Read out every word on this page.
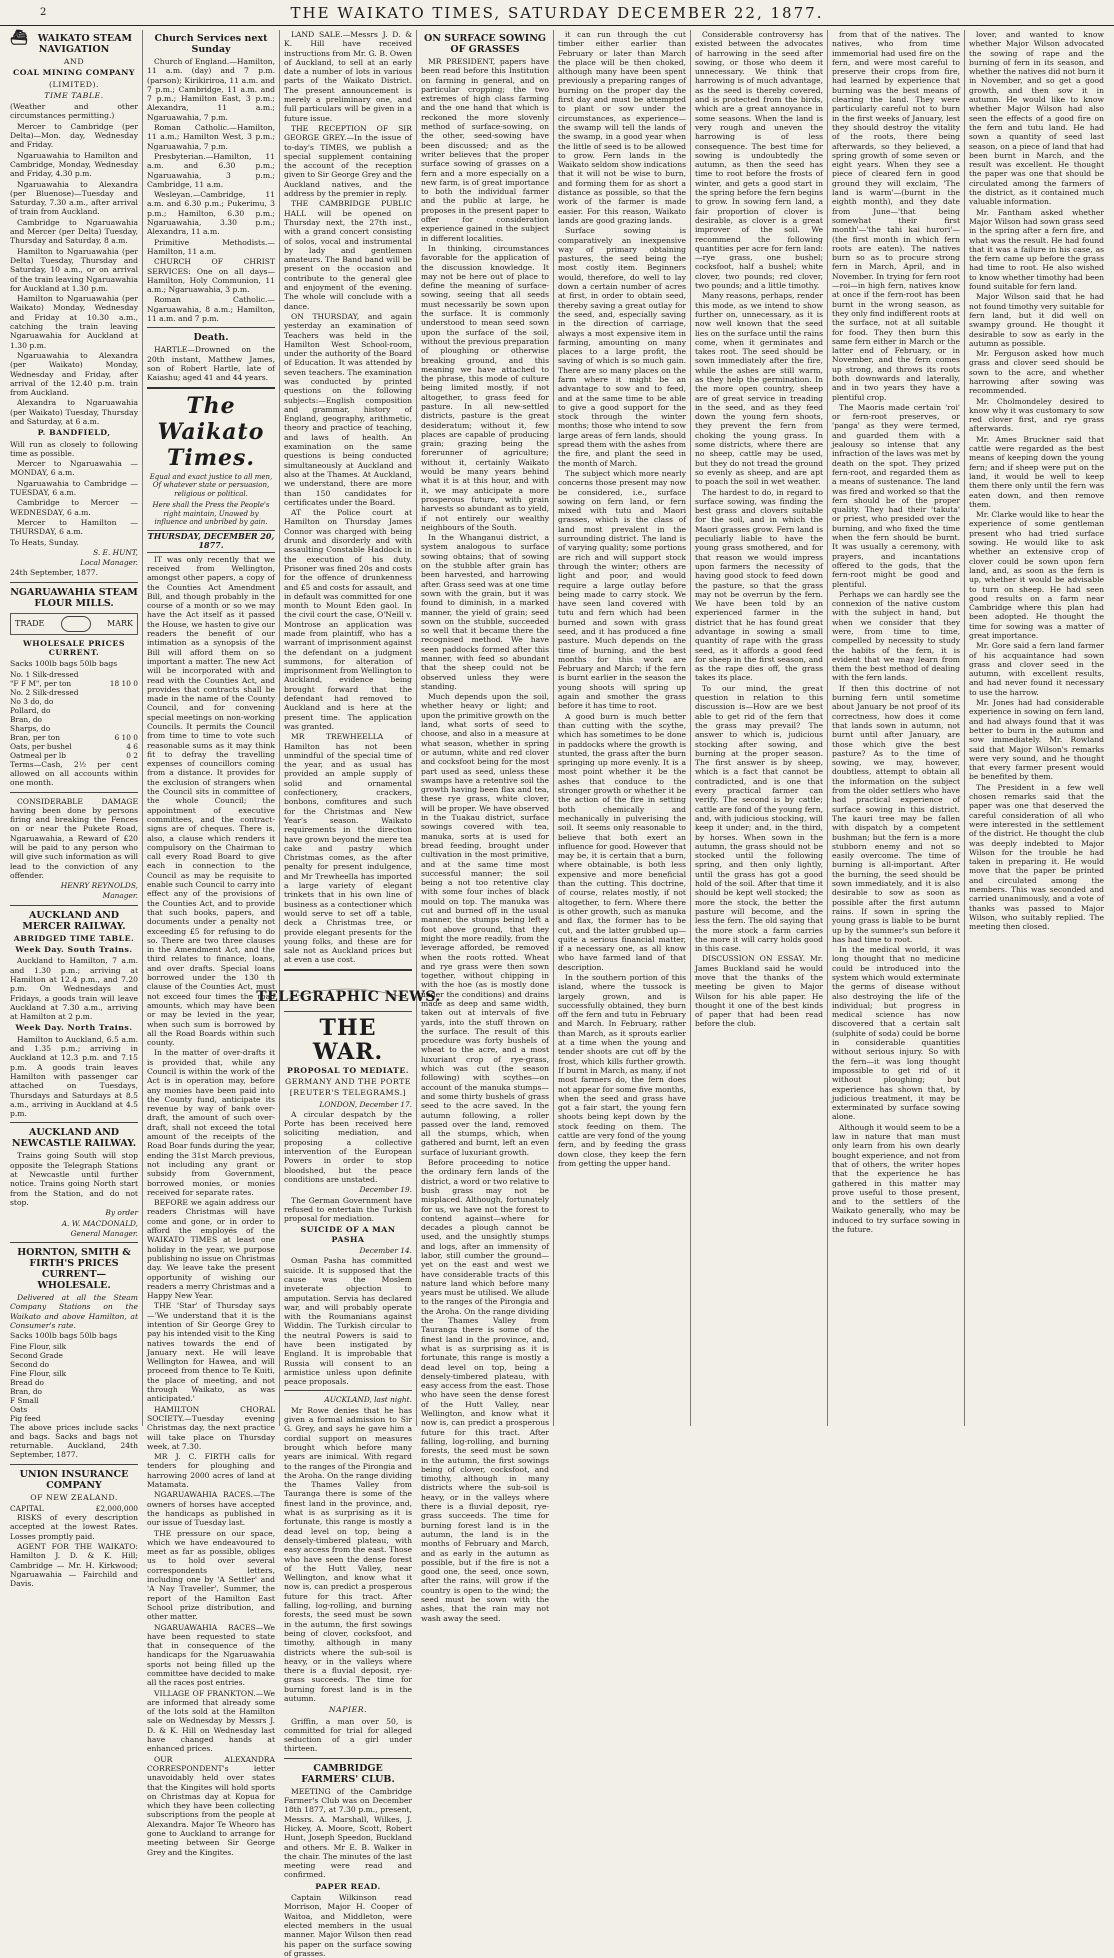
2	THE WAIKATO TIMES, SATURDAY DECEMBER 22, 1877.
⛴ WAIKATO STEAM NAVIGATION
AND
COAL MINING COMPANY
(LIMITED).
TIME TABLE.

(Weather and other circumstances permitting.)

Mercer to Cambridge (per Delta)—Mon. day, Wednesday and Friday.

Ngaruawahia to Hamilton and Cambridge, Monday, Wednesday and Friday, 4.30 p.m.

Ngaruawahia to Alexandra (per Bluenose)—Tuesday and Saturday, 7.30 a.m., after arrival of train from Auckland.

Cambridge to Ngaruawahia and Mercer (per Delta) Tuesday, Thursday and Saturday, 8 a.m.

Hamilton to Ngaruawahia (per Delta) Tuesday, Thursday and Saturday, 10 a.m., or on arrival of the train leaving Ngaruawahia for Auckland at 1.30 p.m.

Hamilton to Ngaruawahia (per Waikato) Monday, Wednesday and Friday at 10.30 a.m., catching the train leaving Ngaruawahia for Auckland at 1.30 p.m.

Ngaruawahia to Alexandra (per Waikato) Monday, Wednesday and Friday, after arrival of the 12.40 p.m. train from Auckland.

Alexandra to Ngaruawahia (per Waikato) Tuesday, Thursday and Saturday, at 6 a.m.

P. BANDFIELD,

Will run as closely to following time as possible.

Mercer to Ngaruawahia — MONDAY, 6 a.m.

Ngaruawahia to Cambridge — TUESDAY, 6 a.m.

Cambridge to Mercer — WEDNESDAY, 6 a.m.

Mercer to Hamilton — THURSDAY, 6 a.m.

To Heats, Sunday.

S. E. HUNT,
Local Manager.

24th September, 1877.

NGARUAWAHIA STEAM FLOUR MILLS.
TRADE	MARK
WHOLESALE PRICES CURRENT.

Sacks 100lb bags 50lb bags

No. 1 Silk-dressed
"F F M", per ton	18 10 0
No. 2 Silk-dressed
No 3 do, do
Pollard, do
Bran, do
Sharps, do
Bran, per ton	6 10 0
Oats, per bushel	4 6
Oatmeal per lb	0 2

Terms—Cash, 2½ per cent allowed on all accounts within one month.

CONSIDERABLE DAMAGE having been done by persons firing and breaking the Fences on or near the Pukete Road, Ngaruawahia, a Reward of £20 will be paid to any person who will give such information as will lead to the conviction of any offender.

HENRY REYNOLDS,
Manager.
AUCKLAND AND MERCER RAILWAY.
ABRIDGED TIME TABLE.
Week Day. South Trains.

Auckland to Hamilton, 7 a.m. and 1.30 p.m.; arriving at Hamilton at 12.4 p.m., and 7.20 p.m. On Wednesdays and Fridays, a goods train will leave Auckland at 7.30 a.m., arriving at Hamilton at 2 p.m.

Week Day. North Trains.

Hamilton to Auckland, 6.5 a.m. and 1.35 p.m.; arriving in Auckland at 12.3 p.m. and 7.15 p.m. A goods train leaves Hamilton with passenger car attached on Tuesdays, Thursdays and Saturdays at 8.5 a.m., arriving in Auckland at 4.5 p.m.

AUCKLAND AND NEWCASTLE RAILWAY.

Trains going South will stop opposite the Telegraph Stations at Newcastle until further notice. Trains going North start from the Station, and do not stop.

By order
A. W. MACDONALD,
General Manager.
HORNTON, SMITH & FIRTH'S PRICES CURRENT—WHOLESALE.

Delivered at all the Steam Company Stations on the Waikato and above Hamilton, at Consumer's rate.

Sacks 100lb bags 50lb bags

Fine Flour, silk
Second Grade
Second do
Fine Flour, silk
Bread do
Bran, do
F Small
Oats
Pig feed

The above prices include sacks and bags. Sacks and bags not returnable. Auckland, 24th September, 1877.

UNION INSURANCE COMPANY
OF NEW ZEALAND.
CAPITAL	£2,000,000

RISKS of every description accepted at the lowest Rates. Losses promptly paid.

AGENT FOR THE WAIKATO: Hamilton J. D. & K. Hill; Cambridge — Mr. H. Kirkwood; Ngaruawahia — Fairchild and Davis.

Church Services next Sunday

Church of England.—Hamilton, 11 a.m. (day) and 7 p.m. (parson); Kirikiriroa, 11 a.m. and 7 p.m.; Cambridge, 11 a.m. and 7 p.m.; Hamilton East, 3 p.m.; Alexandra, 11 a.m.; Ngaruawahia, 7 p.m.

Roman Catholic.—Hamilton, 11 a.m.; Hamilton West, 3 p.m.; Ngaruawahia, 7 p.m.

Presbyterian.—Hamilton, 11 a.m. and 6.30 p.m.; Ngaruawahia, 3 p.m.; Cambridge, 11 a.m.

Wesleyan.—Cambridge, 11 a.m. and 6.30 p.m.; Pukerimu, 3 p.m.; Hamilton, 6.30 p.m.; Ngaruawahia, 3.30 p.m.; Alexandra, 11 a.m.

Primitive Methodists.—Hamilton, 11 a.m.

CHURCH OF CHRIST SERVICES: One on all days—Hamilton, Holy Communion, 11 a.m.; Ngaruawahia, 3 p.m.

Roman Catholic.—Ngaruawahia, 8 a.m.; Hamilton, 11 a.m. and 7 p.m.

Death.

HARTLE—Drowned on the 20th instant, Matthew James, son of Robert Hartle, late of Kaiashu; aged 41 and 44 years.

The Waikato Times.
Equal and exact justice to all men, Of whatever state or persuasion, religious or political.
Here shall the Press the People's right maintain, Unawed by influence and unbribed by gain.
THURSDAY, DECEMBER 20, 1877.

IT was only recently that we received from Wellington, amongst other papers, a copy of the Counties Act Amendment Bill, and though probably in the course of a month or so we may have the Act itself as it passed the House, we hasten to give our readers the benefit of our intimation as a synopsis of the Bill will afford them on so important a matter. The new Act will be incorporated with and read with the Counties Act, and provides that contracts shall be made in the name of the County Council, and for convening special meetings on non-working Councils. It permits the Council from time to time to vote such reasonable sums as it may think fit to defray the travelling expenses of councillors coming from a distance. It provides for the exclusion of strangers when the Council sits in committee of the whole Council; the appointment of executive committees, and the contract-signs are of cheques. There is, also, a clause which renders it compulsory on the Chairman to call every Road Board to give each in connection to the Council as may be requisite to enable such Council to carry into effect any of the provisions of the Counties Act, and to provide that such books, papers, and documents under a penalty not exceeding £5 for refusing to do so. There are two three clauses in the Amendment Act, and the third relates to finance, loans, and over drafts. Special loans borrowed under the 130 th clause of the Counties Act, must not exceed four times the road amounts, which may have been or may be levied in the year, when such sum is borrowed by all the Road Boards within such county.

In the matter of over-drafts it is provided that, while any Council is within the work of the Act is in operation may, before any monies have been paid into the County fund, anticipate its revenue by way of bank over-draft, the amount of such over-draft, shall not exceed the total amount of the receipts of the Road Boar funds during the year, ending the 31st March previous, not including any grant or subsidy from Government, borrowed monies, or monies received for separate rates.

BEFORE we again address our readers Christmas will have come and gone, or in order to afford the employés of the WAIKATO TIMES at least one holiday in the year, we purpose publishing no issue on Christmas day. We leave take the present opportunity of wishing our readers a merry Christmas and a Happy New Year.

THE 'Star' of Thursday says—'We understand that it is the intention of Sir George Grey to pay his intended visit to the King natives towards the end of January next. He will leave Wellington for Hawea, and will proceed from thence to Te Kuiti, the place of meeting, and not through Waikato, as was anticipated.'

HAMILTON CHORAL SOCIETY.—Tuesday evening Christmas day, the next practice will take place on Thursday week, at 7.30.

MR J. C. FIRTH calls for tenders for ploughing and harrowing 2000 acres of land at Matamata.

NGARUAWAHIA RACES.—The owners of horses have accepted the handicaps as published in our issue of Tuesday last.

THE pressure on our space, which we have endeavoured to meet as far as possible, obliges us to hold over several correspondents letters, including one by 'A Settler' and 'A Nay Traveller', Summer, the report of the Hamilton East School prize distribution, and other matter.

NGARUAWAHIA RACES—We have been requested to state that in consequence of the handicaps for the Ngaruawahia sports not being filled up the committee have decided to make all the races post entries.

VILLAGE OF FRANKTON.—We are informed that already some of the lots sold at the Hamilton sale on Wednesday by Messrs J. D. & K. Hill on Wednesday last have changed hands at enhanced prices.

OUR ALEXANDRA CORRESPONDENT's letter unavoidably held over states that the Kingites will hold sports on Christmas day at Kopua for which they have been collecting subscriptions from the people at Alexandra. Major Te Wheoro has gone to Auckland to arrange for meeting between Sir George Grey and the Kingites.

LAND SALE.—Messrs J. D. & K. Hill have received instructions from Mr. G. B. Owen of Auckland, to sell at an early date a number of lots in various parts of the Waikato District. The present announcement is merely a preliminary one, and full particulars will be given in a future issue.

THE RECEPTION OF SIR GEORGE GREY.—In the issue of to-day's TIMES, we publish a special supplement containing the account of the reception given to Sir George Grey and the Auckland natives, and the address by the premier in reply.

THE CAMBRIDGE PUBLIC HALL will be opened on Thursday next, the 27th inst., with a grand concert consisting of solos, vocal and instrumental by lady and gentlemen amateurs. The Band band will be present on the occasion and contribute to the general glee and enjoyment of the evening. The whole will conclude with a dance.

ON THURSDAY, and again yesterday an examination of Teachers was held in the Hamilton West School-room, under the authority of the Board of Education. It was attended by seven teachers. The examination was conducted by printed questions on the following subjects:—English composition and grammar, history of England, geography, arithmetic, theory and practice of teaching, and laws of health. An examination on the same questions is being conducted simultaneously at Auckland and also at the Thames. At Auckland, we understand, there are more than 150 candidates for certificates under the Board.

AT the Police court at Hamilton on Thursday James Connor was charged with being drunk and disorderly and with assaulting Constable Haddock in the execution of his duty. Prisoner was fined 20s and costs for the offence of drunkenness and £5 and costs for assault, and in default was committed for one month to Mount Eden gaol. In the civil court the case, O'Neill v. Montrose an application was made from plaintiff, who has a warrant of imprisonment against the defendant on a judgment summons, for alteration of imprisonment from Wellington to Auckland, evidence being brought forward that the defendant had removed to Auckland and is here at the present time. The application was granted.

MR TREWHEELLA of Hamilton has not been unmindful of the special time of the year, and as usual has provided an ample supply of solid and ornamental confectionery, crackers, bonbons, comfitures and such for the Christmas and New Year's season. Waikato requirements in the direction have grown beyond the mere tea cake and pastry which Christmas comes, as the after penalty for present indulgence, and Mr Trewheella has imported a large variety of elegant trinkets that in his own line of business as a contectioner which would serve to set off a table, deck a Christmas tree, or provide elegant presents for the young folks, and these are for sale not as Auckland prices but at even a use cost.

TELEGRAPHIC NEWS.
THE WAR.
PROPOSAL TO MEDIATE.
GERMANY AND THE PORTE
[REUTER'S TELEGRAMS.]
LONDON, December 17.

A circular despatch by the Porte has been received here soliciting mediation, and proposing a collective intervention of the European Powers in order to stop bloodshed, but the peace conditions are unstated.

December 19.

The German Government have refused to entertain the Turkish proposal for mediation.

SUICIDE OF A MAN PASHA
December 14.

Osman Pasha has committed suicide. It is supposed that the cause was the Moslem inveterate objection to amputation. Servia has declared war, and will probably operate with the Roumanians against Widdin. The Turkish circular to the neutral Powers is said to have been instigated by England. It is improbable that Russia will consent to an armistice unless upon definite peace proposals.

AUCKLAND, last night.

Mr Rowe denies that he has given a formal admission to Sir G. Grey, and says he gave him a cordial support on measures brought which before many years are inimical. With regard to the ranges of the Pirongia and the Aroha. On the range dividing the Thames Valley from Tauranga there is some of the finest land in the province, and, what is as surprising as it is fortunate, this range is mostly a dead level on top, being a densely-timbered plateau, with easy access from the east. Those who have seen the dense forest of the Hutt Valley, near Wellington, and know what it now is, can predict a prosperous future for this tract. After falling, log-rolling, and burning forests, the seed must be sown in the autumn, the first sowings being of clover, cocksfoot, and timothy, although in many districts where the sub-soil is heavy, or in the valleys where there is a fluvial deposit, rye-grass succeeds. The time for burning forest land is in the autumn.

NAPIER.

Griffin, a man over 50, is committed for trial for alleged seduction of a girl under thirteen.

CAMBRIDGE FARMERS' CLUB.

MEETING of the Cambridge Farmer's Club was on December 18th 1877, at 7.30 p.m., present, Messrs. A. Marshall, Wilkes, J. Hickey, A. Moore, Scott, Robert Hunt, Joseph Speedon, Buckland and others. Mr E. B. Walker in the chair. The minutes of the last meeting were read and confirmed.

PAPER READ.

Captain Wilkinson read Morrison, Major H. Cooper of Waitoa, and Middleton, were elected members in the usual manner. Major Wilson then read his paper on the surface sowing of grasses.

ON SURFACE SOWING OF GRASSES

MR PRESIDENT, papers have been read before this Institution on farming in general, and on particular cropping; the two extremes of high class farming and the one hand that which is reckoned the more slovenly method of surface-sowing, on the other, seed-sowing have been discussed; and as the writer believes that the proper surface sowing of grasses on a fern and a more especially on a new farm, is of great importance to both the individual farmer and the public at large, he proposes in the present paper to offer for consideration experience gained in the subject in different localities.

In thinking, circumstances favorable for the application of the discussion knowledge. It may not be here out of place to define the meaning of surface-sowing, seeing that all seeds must necessarily be sown upon the surface. It is commonly understood to mean seed sown upon the surface of the soil, without the previous preparation of ploughing or otherwise breaking ground, and this meaning we have attached to the phrase, this mode of culture being limited mostly, if not altogether, to grass feed for pasture. In all new-settled districts, pasture is the great desideratum; without it, few places are capable of producing grain; grazing being the forerunner of agriculture; without it, certainly Waikato would be many years behind what it is at this hour, and with it, we may anticipate a more prosperous future, with grain harvests so abundant as to yield, if not entirely our wealthy neighbours of the South.

In the Whanganui district, a system analogous to surface sowing obtains; that of sowing on the stubble after grain has been harvested, and harrowing after. Grass seed was at one time sown with the grain, but it was found to diminish, in a marked manner, the yield of grain; seed sown on the stubble, succeeded so well that it became there the recognised method. We have seen paddocks formed after this manner, with feed so abundant that the sheep could not be observed unless they were standing.

Much depends upon the soil, whether heavy or light; and upon the primitive growth on the land, what sorts of seed to choose, and also in a measure at what season, whether in spring or autumn, white and red clover and cocksfoot being for the most part used as seed, unless these swamps have a retentive soil the growth having been flax and tea, these rye grass, white clover, will be proper. We have observed in the Tuakau district, surface sowings covered with tea, manuka, sorts at is used for bread feeding, brought under cultivation in the most primitive, and at the same time most successful manner; the soil being a not too retentive clay with some four inches of black mould on top. The manuka was cut and burned off in the usual manner, the stumps being left a foot above ground, that they might the more readily, from the leverage afforded, be removed when the roots rotted. Wheat and rye grass were then sown together, without chipping in with the hoe (as is mostly done under the conditions) and drains made as deep and same width, taken out at intervals of five yards, into the stuff thrown on the surface. The result of this procedure was forty bushels of wheat to the acre, and a most luxuriant crop of rye-grass, which was cut (the season following) with scythes—on account of the manuka stumps—and some thirty bushels of grass seed to the acre saved. In the autumn following, a roller passed over the land, removed all the stumps, which, when gathered and burnt, left an even surface of luxuriant growth.

Before proceeding to notice the ordinary fern lands of the district, a word or two relative to bush grass may not be misplaced. Although, fortunately for us, we have not the forest to contend against—where for decades a plough cannot be used, and the unsightly stumps and logs, after an immensity of labor, still cumber the ground—yet on the east and west we have considerable tracts of this nature land which before many years must be utilised. We allude to the ranges of the Pirongia and the Aroha. On the range dividing the Thames Valley from Tauranga there is some of the finest land in the province, and, what is as surprising as it is fortunate, this range is mostly a dead level on top, being a densely-timbered plateau, with easy access from the east. Those who have seen the dense forest of the Hutt Valley, near Wellington, and know what it now is, can predict a prosperous future for this tract. After falling, log-rolling, and burning forests, the seed must be sown in the autumn, the first sowings being of clover, cocksfoot, and timothy, although in many districts where the sub-soil is heavy, or in the valleys where there is a fluvial deposit, rye-grass succeeds. The time for burning forest land is in the autumn, the land is in the months of February and March, and as early in the autumn as possible, but if the fire is not a good one, the seed, once sown, after the rains, will grow if the country is open to the wind; the seed must be sown with the ashes, that the rain may not wash away the seed.

it can run through the cut timber either earlier than February or later than March the place will be then choked, although many have been spent previously a preparing ranges of burning on the proper day the first day and must be attempted to plant or sow under the circumstances, as experience—the swamp will tell the lands of the swamp, in a good year when the little of seed is to be allowed to grow. Fern lands in the Waikato seldom show indications that it will not be wise to burn, and forming them for as short a distance as possible, so that the work of the farmer is made easier. For this reason, Waikato lands are good grazing lands.

Surface sowing is comparatively an inexpensive way of primary obtaining pastures, the seed being the most costly item. Beginners would, therefore, do well to lay down a certain number of acres at first, in order to obtain seed, thereby saving a great outlay for the seed, and, especially saving in the direction of carriage, always a most expensive item in farming, amounting on many places to a large profit, the saving of which is so much gain. There are so many places on the farm where it might be an advantage to sow and to feed, and at the same time to be able to give a good support for the stock through the winter months; those who intend to sow large areas of fern lands, should spread them with the ashes from the fire, and plant the seed in the month of March.

The subject which more nearly concerns those present may now be considered, i.e., surface sowing on fern land, or fern mixed with tutu and Maori grasses, which is the class of land most prevalent in the surrounding district. The land is of varying quality; some portions are rich and will support stock through the winter; others are light and poor, and would require a large outlay before being made to carry stock. We have seen land covered with tutu and fern which had been burned and sown with grass seed, and it has produced a fine pasture. Much depends on the time of burning, and the best months for this work are February and March; if the fern is burnt earlier in the season the young shoots will spring up again and smother the grass before it has time to root.

A good burn is much better than cutting with the scythe, which has sometimes to be done in paddocks where the growth is stunted, the grass after the burn springing up more evenly. It is a most point whether it be the ashes that conduce to the stronger growth or whether it be the action of the fire in setting both chemically and mechanically in pulverising the soil. It seems only reasonable to believe that both exert an influence for good. However that may be, it is certain that a burn, where obtainable, is both less expensive and more beneficial than the cutting. This doctrine, of course, relates mostly, if not altogether, to fern. Where there is other growth, such as manuka and flax, the former has to be cut, and the latter grubbed up—quite a serious financial matter, if a necessary one, as all know who have farmed land of that description.

In the southern portion of this island, where the tussock is largely grown, and is successfully obtained, they burn off the fern and tutu in February and March. In February, rather than March, as it sprouts earlier at a time when the young and tender shoots are cut off by the frost, which kills further growth. If burnt in March, as many, if not most farmers do, the fern does not appear for some five months, when the seed and grass have got a fair start, the young fern shoots being kept down by the stock feeding on them. The cattle are very fond of the young fern, and by feeding the grass down close, they keep the fern from getting the upper hand.

Considerable controversy has existed between the advocates of harrowing in the seed after sowing, or those who deem it unnecessary. We think that harrowing is of much advantage, as the seed is thereby covered, and is protected from the birds, which are a great annoyance in some seasons. When the land is very rough and uneven the harrowing is of less consequence. The best time for sowing is undoubtedly the autumn, as then the seed has time to root before the frosts of winter, and gets a good start in the spring before the fern begins to grow. In sowing fern land, a fair proportion of clover is desirable, as clover is a great improver of the soil. We recommend the following quantities per acre for fern land:—rye grass, one bushel; cocksfoot, half a bushel; white clover, two pounds; red clover, two pounds; and a little timothy.

Many reasons, perhaps, render this mode, as we intend to show further on, unnecessary, as it is now well known that the seed lies on the surface until the rains come, when it germinates and takes root. The seed should be sown immediately after the fire, while the ashes are still warm, as they help the germination. In the more open country, sheep are of great service in treading in the seed, and as they feed down the young fern shoots, they prevent the fern from choking the young grass. In some districts, where there are no sheep, cattle may be used, but they do not tread the ground so evenly as sheep, and are apt to poach the soil in wet weather.

The hardest to do, in regard to surface sowing, was finding the best grass and clovers suitable for the soil, and in which the Maori grasses grow. Fern land is peculiarly liable to have the young grass smothered, and for that reason we would impress upon farmers the necessity of having good stock to feed down the pasture, so that the grass may not be overrun by the fern. We have been told by an experienced farmer in the district that he has found great advantage in sowing a small quantity of rape with the grass seed, as it affords a good feed for sheep in the first season, and as the rape dies off, the grass takes its place.

To our mind, the great question in relation to this discussion is—How are we best able to get rid of the fern that the grass may prevail? The answer to which is, judicious stocking after sowing, and burning at the proper season. The first answer is by sheep, which is a fact that cannot be contradicted, and is one that every practical farmer can verify. The second is by cattle; cattle are fond of the young fern, and, with judicious stocking, will keep it under; and, in the third, by horses. When sown in the autumn, the grass should not be stocked until the following spring, and then only lightly, until the grass has got a good hold of the soil. After that time it should be kept well stocked; the more the stock, the better the pasture will become, and the less the fern. The old saying that the more stock a farm carries the more it will carry holds good in this case.

DISCUSSION ON ESSAY. Mr. James Buckland said he would move that the thanks of the meeting be given to Major Wilson for his able paper. He thought it one of the best kinds of paper that had been read before the club.

from that of the natives. The natives, who from time immemorial had used fire on the fern, and were most careful to preserve their crops from fire, had learned by experience that burning was the best means of clearing the land. They were particularly careful not to burn in the first weeks of January, lest they should destroy the vitality of the roots, there being afterwards, so they believed, a spring growth of some seven or eight years. When they see a piece of cleared fern in good ground they will exclaim, 'The land is warm'—(burnt in the eighth month), and they date from June—'that being somewhat their first month'—'the tahi kai hurori'—(the first month in which fern roots are eaten). The natives burn so as to procure strong fern in March, April, and in November. In trying for fern root—roi—in high fern, natives know at once if the fern-root has been burnt in the wrong season, as they only find indifferent roots at the surface, not at all suitable for food. They then burn this same fern either in March or the latter end of February, or in November, and the fern comes up strong, and throws its roots both downwards and laterally, and in two years they have a plentiful crop.

The Maoris made certain 'roi' or fern-root preserves, or 'panga' as they were termed, and guarded them with a jealousy so intense that any infraction of the laws was met by death on the spot. They prized fern-root, and regarded them as a means of sustenance. The land was fired and worked so that the fern should be of the proper quality. They had their 'takuta' or priest, who presided over the burning, and who fixed the time when the fern should be burnt. It was usually a ceremony, with prayers, and incantations offered to the gods, that the fern-root might be good and plentiful.

Perhaps we can hardly see the connexion of the native custom with the subject in hand, but when we consider that they were, from time to time, compelled by necessity to study the habits of the fern, it is evident that we may learn from them the best method of dealing with the fern lands.

If then this doctrine of not burning fern until sometime about January be not proof of its correctness, how does it come that lands sown in autumn, not burnt until after January, are those which give the best pasture? As to the time of sowing, we may, however, doubtless, attempt to obtain all the information on the subject from the older settlers who have had practical experience of surface sowing in this district. The kauri tree may be fallen with dispatch by a competent bushman; but the fern is a more stubborn enemy and not so easily overcome. The time of burning is all-important. After the burning, the seed should be sown immediately, and it is also desirable to sow as soon as possible after the first autumn rains. If sown in spring the young grass is liable to be burnt up by the summer's sun before it has had time to root.

In the medical world, it was long thought that no medicine could be introduced into the system which would exterminate the germs of disease without also destroying the life of the individual; but progress in medical science has now discovered that a certain salt (sulphite of soda) could be borne in considerable quantities without serious injury. So with the fern—it was long thought impossible to get rid of it without ploughing; but experience has shown that, by judicious treatment, it may be exterminated by surface sowing alone.

Although it would seem to be a law in nature that man must only learn from his own dearly bought experience, and not from that of others, the writer hopes that the experience he has gathered in this matter may prove useful to those present, and to the settlers of the Waikato generally, who may be induced to try surface sowing in the future.

lover, and wanted to know whether Major Wilson advocated the sowing of rape and the burning of fern in its season, and whether the natives did not burn it in November, and so get a good growth, and then sow it in autumn. He would like to know whether Major Wilson had also seen the effects of a good fire on the fern and tutu land. He had sown a quantity of seed last season, on a piece of land that had been burnt in March, and the result was excellent. He thought the paper was one that should be circulated among the farmers of the district, as it contained much valuable information.

Mr. Fantham asked whether Major Wilson had sown grass seed in the spring after a fern fire, and what was the result. He had found that it was a failure in his case, as the fern came up before the grass had time to root. He also wished to know whether timothy had been found suitable for fern land.

Major Wilson said that he had not found timothy very suitable for fern land, but it did well on swampy ground. He thought it desirable to sow as early in the autumn as possible.

Mr. Ferguson asked how much grass and clover seed should be sown to the acre, and whether harrowing after sowing was recommended.

Mr. Cholmondeley desired to know why it was customary to sow red clover first, and rye grass afterwards.

Mr. Ames Bruckner said that cattle were regarded as the best means of keeping down the young fern; and if sheep were put on the land, it would be well to keep them there only until the fern was eaten down, and then remove them.

Mr. Clarke would like to hear the experience of some gentleman present who had tried surface sowing. He would like to ask whether an extensive crop of clover could be sown upon fern land, and, as soon as the fern is up, whether it would be advisable to turn on sheep. He had seen good results on a farm near Cambridge where this plan had been adopted. He thought the time for sowing was a matter of great importance.

Mr. Gore said a fern land farmer of his acquaintance had sown grass and clover seed in the autumn, with excellent results, and had never found it necessary to use the harrow.

Mr. Jones had had considerable experience in sowing on fern land, and had always found that it was better to burn in the autumn and sow immediately. Mr. Rowland said that Major Wilson's remarks were very sound, and he thought that every farmer present would be benefited by them.

The President in a few well chosen remarks said that the paper was one that deserved the careful consideration of all who were interested in the settlement of the district. He thought the club was deeply indebted to Major Wilson for the trouble he had taken in preparing it. He would move that the paper be printed and circulated among the members. This was seconded and carried unanimously, and a vote of thanks was passed to Major Wilson, who suitably replied. The meeting then closed.
